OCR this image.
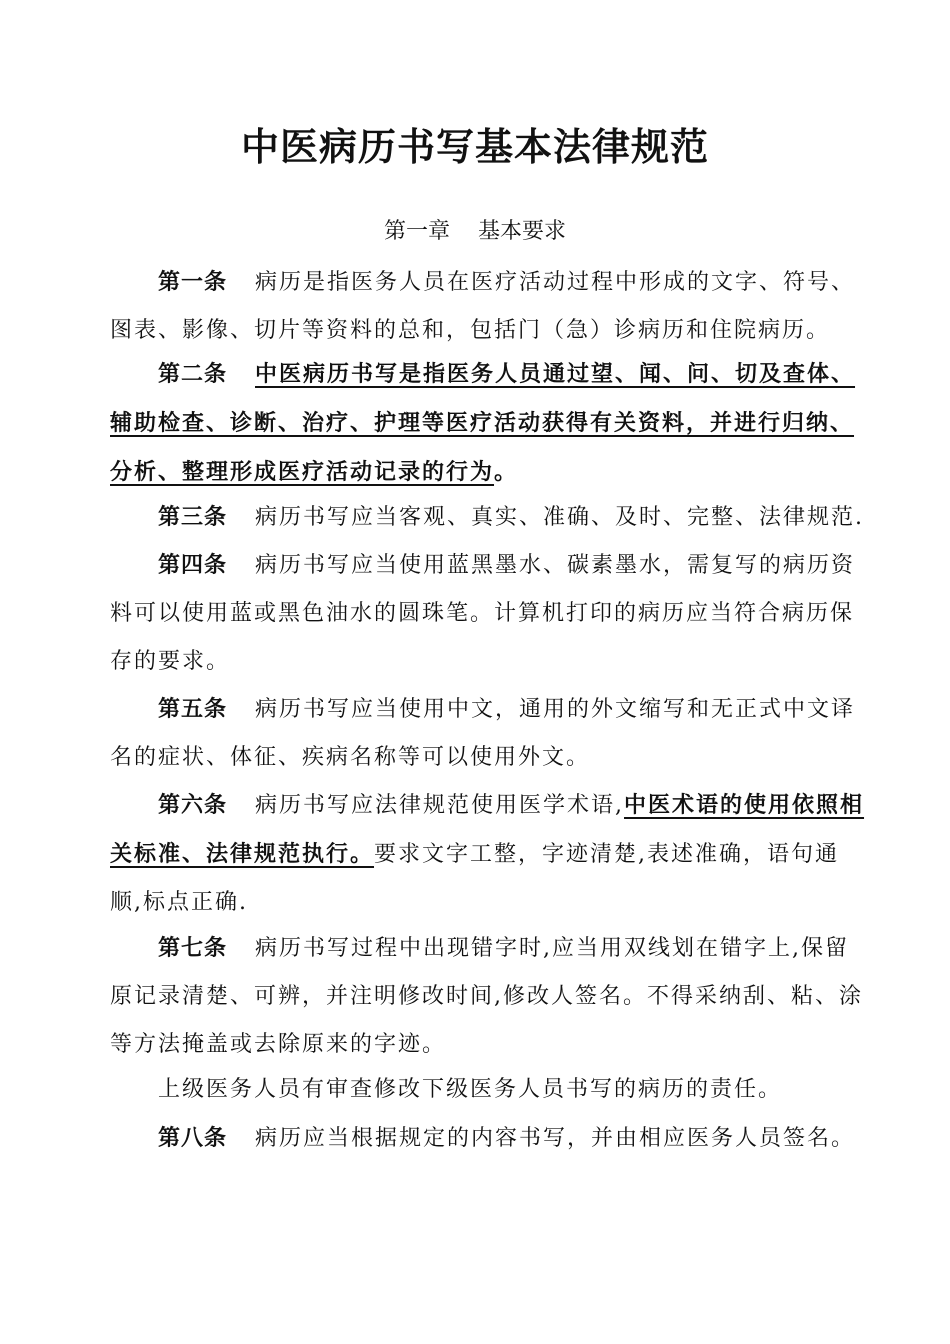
中医病历书写基本法律规范
第一章 基本要求

第一条 病历是指医务人员在医疗活动过程中形成的文字、符号、图表、影像、切片等资料的总和，包括门（急）诊病历和住院病历。

第二条 中医病历书写是指医务人员通过望、闻、问、切及查体、辅助检查、诊断、治疗、护理等医疗活动获得有关资料，并进行归纳、分析、整理形成医疗活动记录的行为。

第三条 病历书写应当客观、真实、准确、及时、完整、法律规范.

第四条 病历书写应当使用蓝黑墨水、碳素墨水，需复写的病历资料可以使用蓝或黑色油水的圆珠笔。计算机打印的病历应当符合病历保存的要求。

第五条 病历书写应当使用中文，通用的外文缩写和无正式中文译名的症状、体征、疾病名称等可以使用外文。

第六条 病历书写应法律规范使用医学术语,中医术语的使用依照相关标准、法律规范执行。要求文字工整，字迹清楚,表述准确，语句通顺,标点正确.

第七条 病历书写过程中出现错字时,应当用双线划在错字上,保留原记录清楚、可辨，并注明修改时间,修改人签名。不得采纳刮、粘、涂等方法掩盖或去除原来的字迹。

上级医务人员有审查修改下级医务人员书写的病历的责任。

第八条 病历应当根据规定的内容书写，并由相应医务人员签名。
